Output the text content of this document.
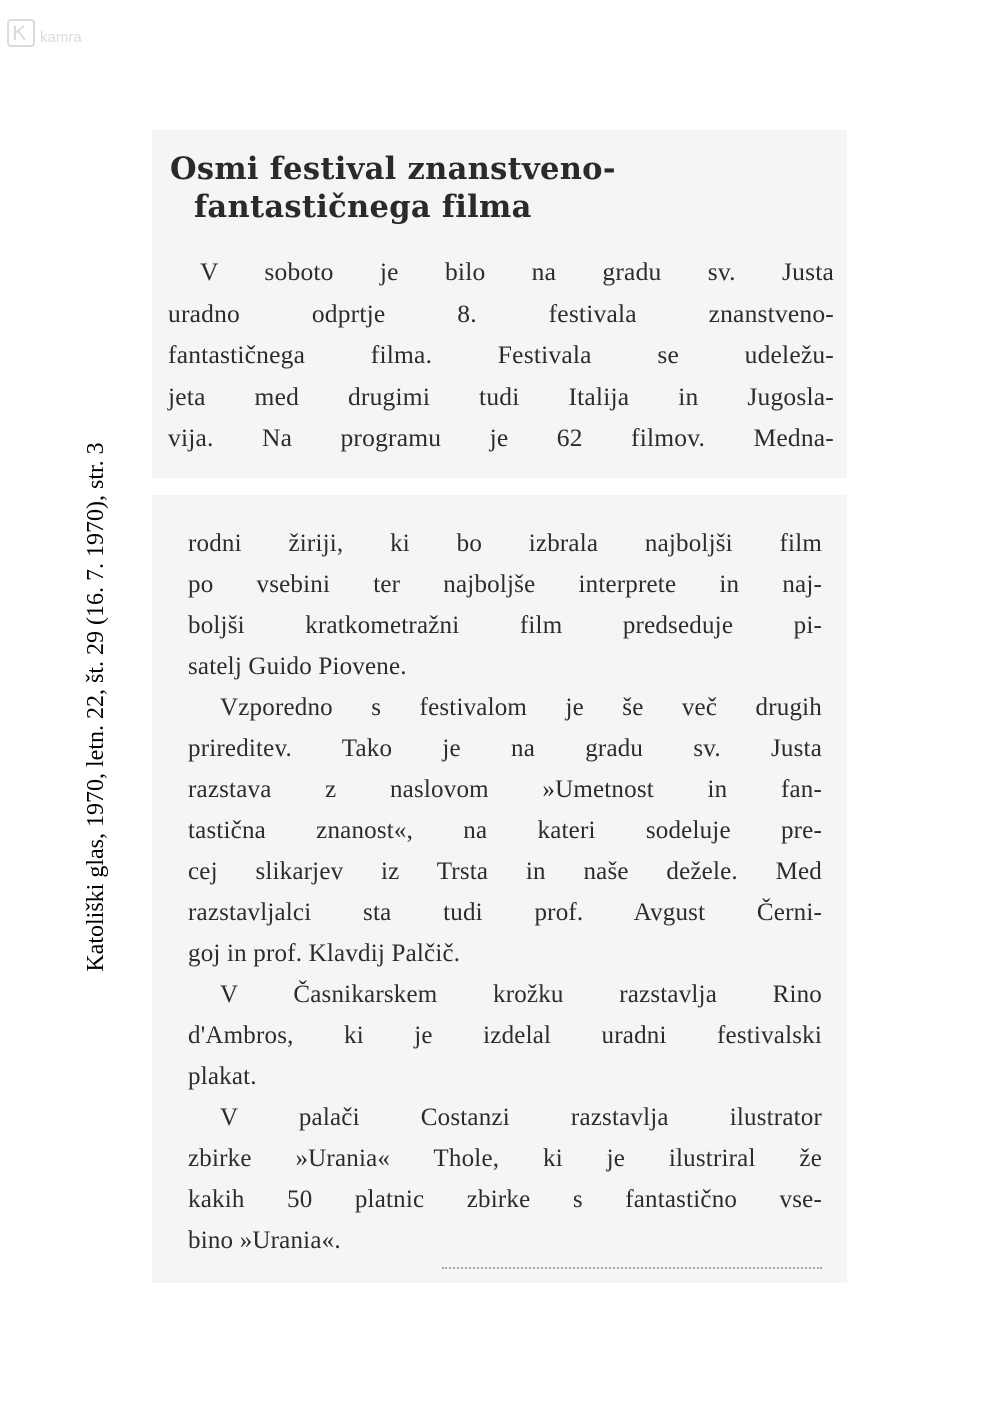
kamra
Katoliški glas, 1970, letn. 22, št. 29 (16. 7. 1970), str. 3
Osmi festival znanstveno-
fantastičnega filma
V soboto je bilo na gradu sv. Justa
uradno odprtje 8. festivala znanstveno-
fantastičnega filma. Festivala se udeležu-
jeta med drugimi tudi Italija in Jugosla-
vija. Na programu je 62 filmov. Medna-
rodni žiriji, ki bo izbrala najboljši film
po vsebini ter najboljše interprete in naj-
boljši kratkometražni film predseduje pi-
satelj Guido Piovene.
Vzporedno s festivalom je še več drugih
prireditev. Tako je na gradu sv. Justa
razstava z naslovom »Umetnost in fan-
tastična znanost«, na kateri sodeluje pre-
cej slikarjev iz Trsta in naše dežele. Med
razstavljalci sta tudi prof. Avgust Černi-
goj in prof. Klavdij Palčič.
V Časnikarskem krožku razstavlja Rino
d'Ambros, ki je izdelal uradni festivalski
plakat.
V palači Costanzi razstavlja ilustrator
zbirke »Urania« Thole, ki je ilustriral že
kakih 50 platnic zbirke s fantastično vse-
bino »Urania«.
